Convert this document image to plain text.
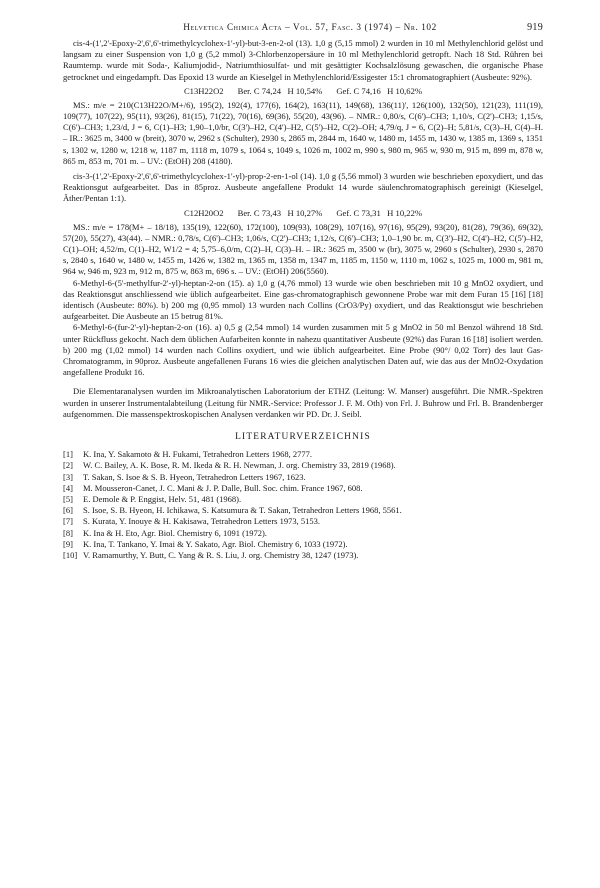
Helvetica Chimica Acta – Vol. 57, Fasc. 3 (1974) – Nr. 102	919

cis-4-(1',2'-Epoxy-2',6',6'-trimethylcyclohex-1'-yl)-but-3-en-2-ol (13). 1,0 g (5,15 mmol) 2 wurden in 10 ml Methylenchlorid gelöst und langsam zu einer Suspension von 1,0 g (5,2 mmol) 3-Chlorbenzopersäure in 10 ml Methylenchlorid getropft. Nach 18 Std. Rühren bei Raumtemp. wurde mit Soda-, Kaliumjodid-, Natriumthiosulfat- und mit gesättigter Kochsalzlösung gewaschen, die organische Phase getrocknet und eingedampft. Das Epoxid 13 wurde an Kieselgel in Methylenchlorid/Essigester 15:1 chromatographiert (Ausbeute: 92%).

C13H22O2 Ber. C 74,24   H 10,54% Gef. C 74,16   H 10,62%

MS.: m/e = 210(C13H22O/M+/6), 195(2), 192(4), 177(6), 164(2), 163(11), 149(68), 136(11)', 126(100), 132(50), 121(23), 111(19), 109(77), 107(22), 95(11), 93(26), 81(15), 71(22), 70(16), 69(36), 55(20), 43(96). – NMR.: 0,80/s, C(6')–CH3; 1,10/s, C(2')–CH3; 1,15/s, C(6')–CH3; 1,23/d, J = 6, C(1)–H3; 1,90–1,0/br, C(3')–H2, C(4')–H2, C(5')–H2, C(2)–OH; 4,79/q, J = 6, C(2)–H; 5,81/s, C(3)–H, C(4)–H. – IR.: 3625 m, 3400 w (breit), 3070 w, 2962 s (Schulter), 2930 s, 2865 m, 2844 m, 1640 w, 1480 m, 1455 m, 1430 w, 1385 m, 1369 s, 1351 s, 1302 w, 1280 w, 1218 w, 1187 m, 1118 m, 1079 s, 1064 s, 1049 s, 1026 m, 1002 m, 990 s, 980 m, 965 w, 930 m, 915 m, 899 m, 878 w, 865 m, 853 m, 701 m. – UV.: (EtOH) 208 (4180).

cis-3-(1',2'-Epoxy-2',6',6'-trimethylcyclohex-1'-yl)-prop-2-en-1-ol (14). 1,0 g (5,56 mmol) 3 wurden wie beschrieben epoxydiert, und das Reaktionsgut aufgearbeitet. Das in 85proz. Ausbeute angefallene Produkt 14 wurde säulenchromatographisch gereinigt (Kieselgel, Äther/Pentan 1:1).

C12H20O2 Ber. C 73,43   H 10,27% Gef. C 73,31   H 10,22%

MS.: m/e = 178(M+ – 18/18), 135(19), 122(60), 172(100), 109(93), 108(29), 107(16), 97(16), 95(29), 93(20), 81(28), 79(36), 69(32), 57(20), 55(27), 43(44). – NMR.: 0,78/s, C(6')–CH3; 1,06/s, C(2')–CH3; 1,12/s, C(6')–CH3; 1,0–1,90 br. m, C(3')–H2, C(4')–H2, C(5')–H2, C(1)–OH; 4,52/m, C(1)–H2, W1/2 = 4; 5,75–6,0/m, C(2)–H, C(3)–H. – IR.: 3625 m, 3500 w (br), 3075 w, 2960 s (Schulter), 2930 s, 2870 s, 2840 s, 1640 w, 1480 w, 1455 m, 1426 w, 1382 m, 1365 m, 1358 m, 1347 m, 1185 m, 1150 w, 1110 m, 1062 s, 1025 m, 1000 m, 981 m, 964 w, 946 m, 923 m, 912 m, 875 w, 863 m, 696 s. – UV.: (EtOH) 206(5560).

6-Methyl-6-(5'-methylfur-2'-yl)-heptan-2-on (15). a) 1,0 g (4,76 mmol) 13 wurde wie oben beschrieben mit 10 g MnO2 oxydiert, und das Reaktionsgut anschliessend wie üblich aufgearbeitet. Eine gas-chromatographisch gewonnene Probe war mit dem Furan 15 [16] [18] identisch (Ausbeute: 80%). b) 200 mg (0,95 mmol) 13 wurden nach Collins (CrO3/Py) oxydiert, und das Reaktionsgut wie beschrieben aufgearbeitet. Die Ausbeute an 15 betrug 81%.

6-Methyl-6-(fur-2'-yl)-heptan-2-on (16). a) 0,5 g (2,54 mmol) 14 wurden zusammen mit 5 g MnO2 in 50 ml Benzol während 18 Std. unter Rückfluss gekocht. Nach dem üblichen Aufarbeiten konnte in nahezu quantitativer Ausbeute (92%) das Furan 16 [18] isoliert werden. b) 200 mg (1,02 mmol) 14 wurden nach Collins oxydiert, und wie üblich aufgearbeitet. Eine Probe (90°/ 0,02 Torr) des laut Gas-Chromatogramm, in 90proz. Ausbeute angefallenen Furans 16 wies die gleichen analytischen Daten auf, wie das aus der MnO2-Oxydation angefallene Produkt 16.

Die Elementaranalysen wurden im Mikroanalytischen Laboratorium der ETHZ (Leitung: W. Manser) ausgeführt. Die NMR.-Spektren wurden in unserer Instrumentalabteilung (Leitung für NMR.-Service: Professor J. F. M. Oth) von Frl. J. Buhrow und Frl. B. Brandenberger aufgenommen. Die massenspektroskopischen Analysen verdanken wir PD. Dr. J. Seibl.

LITERATURVERZEICHNIS
[1]	K. Ina, Y. Sakamoto & H. Fukami, Tetrahedron Letters 1968, 2777.
[2]	W. C. Bailey, A. K. Bose, R. M. Ikeda & R. H. Newman, J. org. Chemistry 33, 2819 (1968).
[3]	T. Sakan, S. Isoe & S. B. Hyeon, Tetrahedron Letters 1967, 1623.
[4]	M. Mousseron-Canet, J. C. Mani & J. P. Dalle, Bull. Soc. chim. France 1967, 608.
[5]	E. Demole & P. Enggist, Helv. 51, 481 (1968).
[6]	S. Isoe, S. B. Hyeon, H. Ichikawa, S. Katsumura & T. Sakan, Tetrahedron Letters 1968, 5561.
[7]	S. Kurata, Y. Inouye & H. Kakisawa, Tetrahedron Letters 1973, 5153.
[8]	K. Ina & H. Eto, Agr. Biol. Chemistry 6, 1091 (1972).
[9]	K. Ina, T. Tankano, Y. Imai & Y. Sakato, Agr. Biol. Chemistry 6, 1033 (1972).
[10] V. Ramamurthy, Y. Butt, C. Yang & R. S. Liu, J. org. Chemistry 38, 1247 (1973).
